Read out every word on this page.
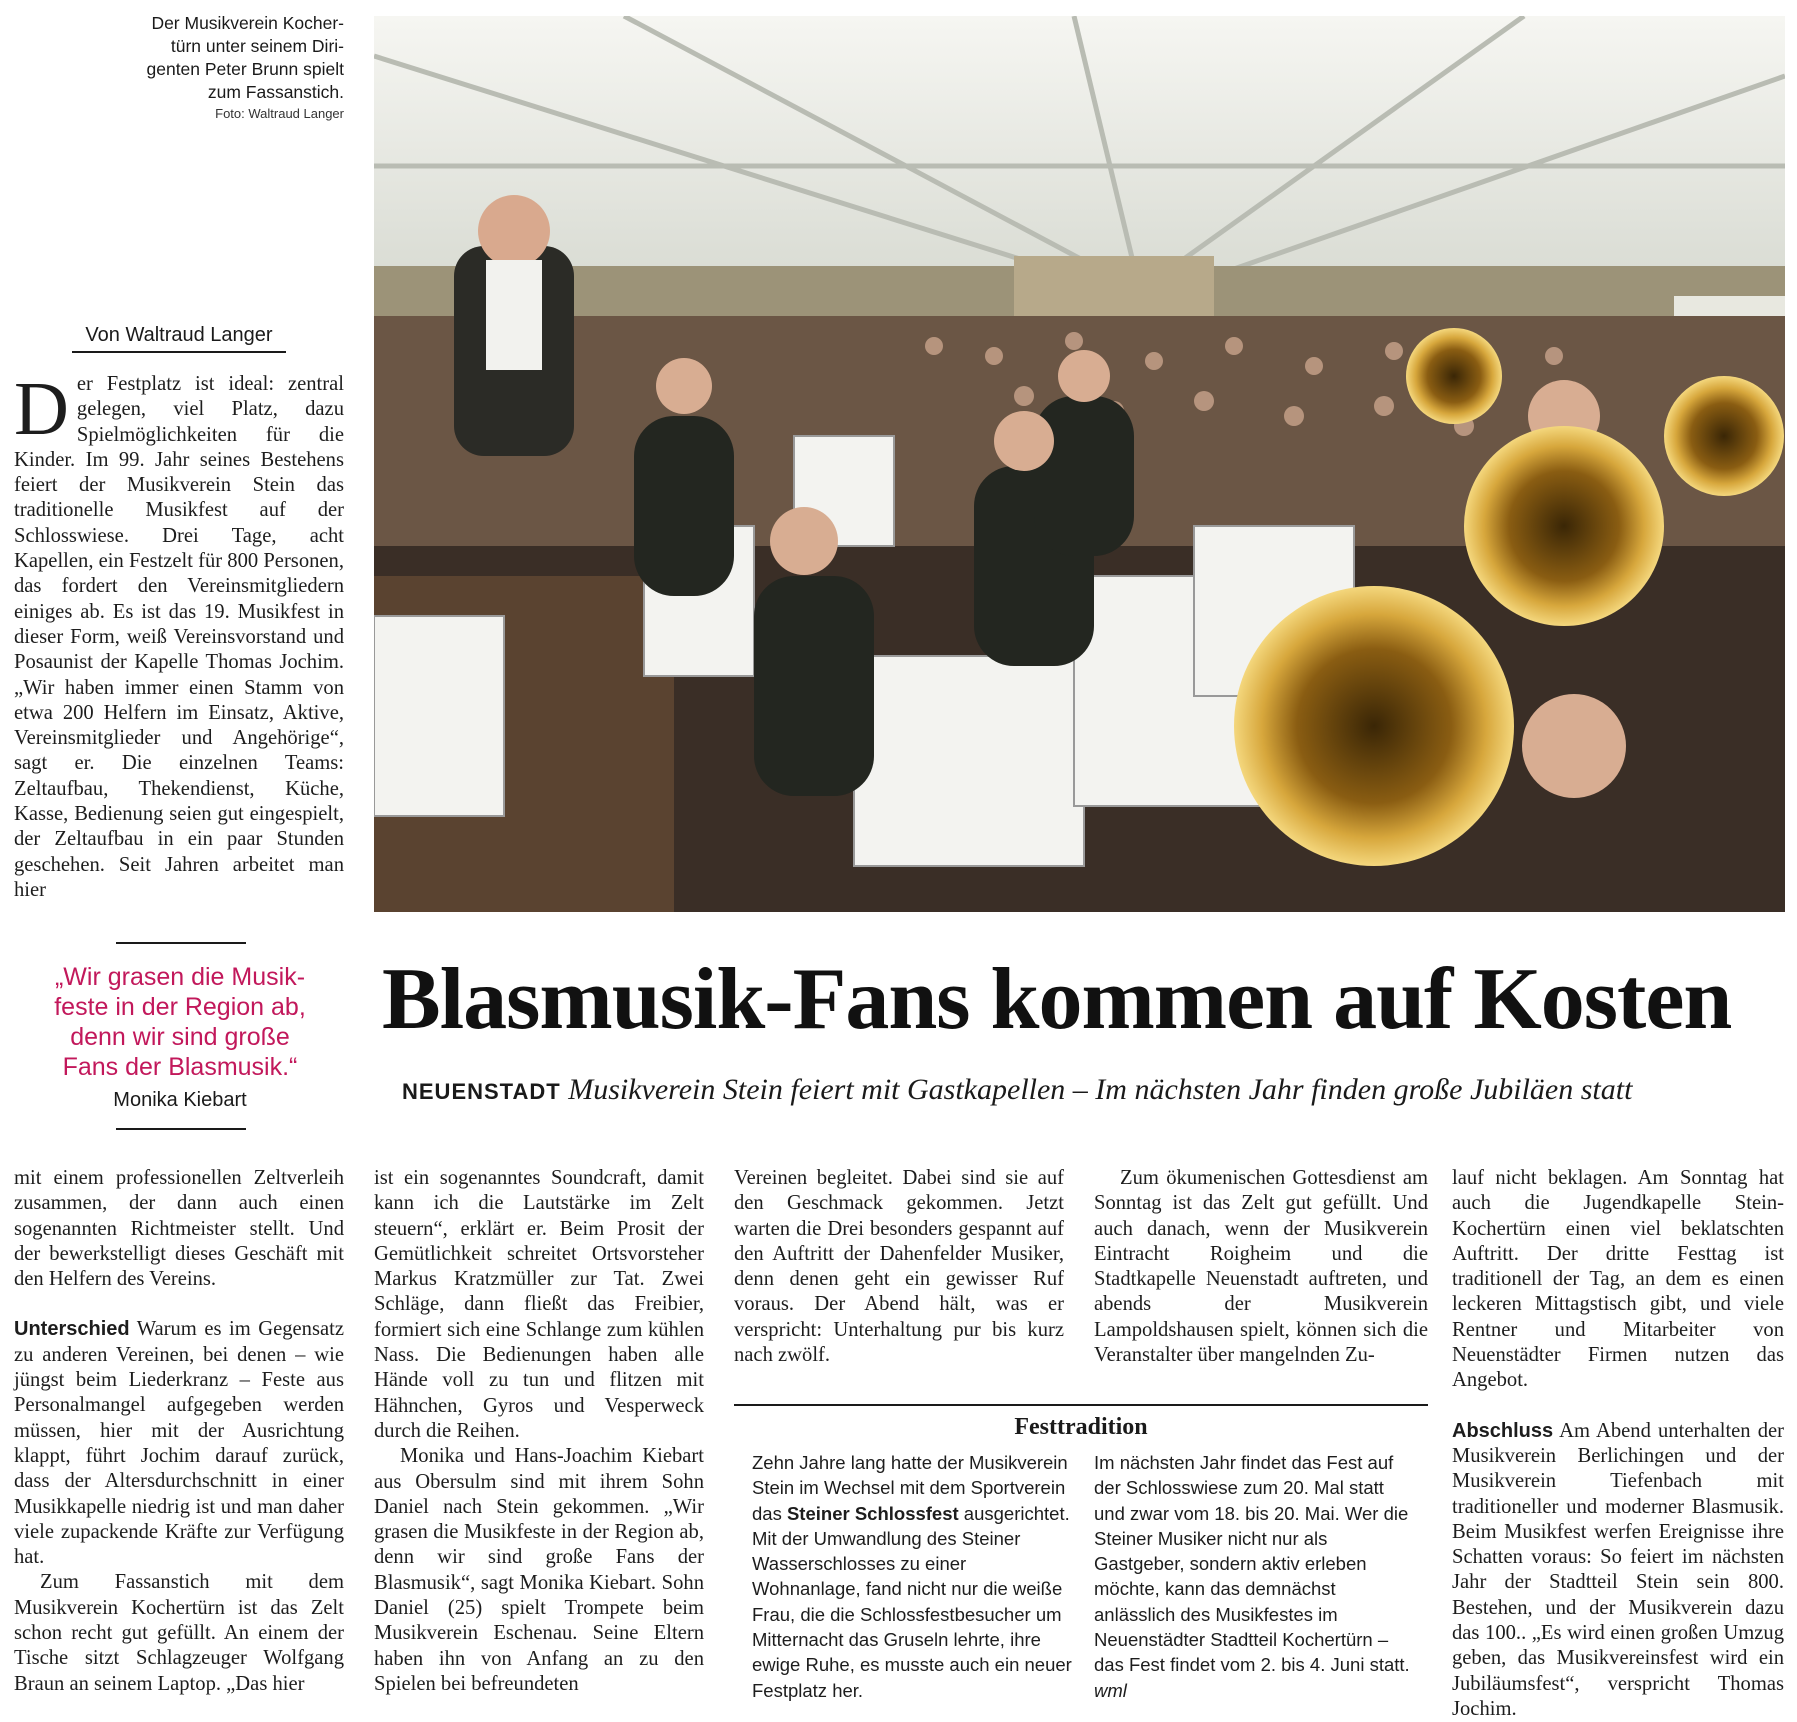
Der Musikverein Kocher-
türn unter seinem Diri-
genten Peter Brunn spielt
zum Fassanstich.
Foto: Waltraud Langer
Von Waltraud Langer

Der Festplatz ist ideal: zentral gelegen, viel Platz, dazu Spielmöglichkeiten für die Kinder. Im 99. Jahr seines Bestehens feiert der Musikverein Stein das traditionelle Musikfest auf der Schlosswiese. Drei Tage, acht Kapellen, ein Festzelt für 800 Personen, das fordert den Vereinsmitgliedern einiges ab. Es ist das 19. Musikfest in dieser Form, weiß Vereinsvorstand und Posaunist der Kapelle Thomas Jochim. „Wir haben immer einen Stamm von etwa 200 Helfern im Einsatz, Aktive, Vereinsmitglieder und Angehörige“, sagt er. Die einzelnen Teams: Zeltaufbau, Thekendienst, Küche, Kasse, Bedienung seien gut eingespielt, der Zeltaufbau in ein paar Stunden geschehen. Seit Jahren arbeitet man hier

„Wir grasen die Musik-
feste in der Region ab,
denn wir sind große
Fans der Blasmusik.“
Monika Kiebart
Blasmusik-Fans kommen auf Kosten
NEUENSTADT Musikverein Stein feiert mit Gastkapellen – Im nächsten Jahr finden große Jubiläen statt

mit einem professionellen Zeltverleih zusammen, der dann auch einen sogenannten Richtmeister stellt. Und der bewerkstelligt dieses Geschäft mit den Helfern des Vereins.

Unterschied Warum es im Gegensatz zu anderen Vereinen, bei denen – wie jüngst beim Liederkranz – Feste aus Personalmangel aufgegeben werden müssen, hier mit der Ausrichtung klappt, führt Jochim darauf zurück, dass der Altersdurchschnitt in einer Musikkapelle niedrig ist und man daher viele zupackende Kräfte zur Verfügung hat.

Zum Fassanstich mit dem Musikverein Kochertürn ist das Zelt schon recht gut gefüllt. An einem der Tische sitzt Schlagzeuger Wolfgang Braun an seinem Laptop. „Das hier

ist ein sogenanntes Soundcraft, damit kann ich die Lautstärke im Zelt steuern“, erklärt er. Beim Prosit der Gemütlichkeit schreitet Ortsvorsteher Markus Kratzmüller zur Tat. Zwei Schläge, dann fließt das Freibier, formiert sich eine Schlange zum kühlen Nass. Die Bedienungen haben alle Hände voll zu tun und flitzen mit Hähnchen, Gyros und Vesperweck durch die Reihen.

Monika und Hans-Joachim Kiebart aus Obersulm sind mit ihrem Sohn Daniel nach Stein gekommen. „Wir grasen die Musikfeste in der Region ab, denn wir sind große Fans der Blasmusik“, sagt Monika Kiebart. Sohn Daniel (25) spielt Trompete beim Musikverein Eschenau. Seine Eltern haben ihn von Anfang an zu den Spielen bei befreundeten

Vereinen begleitet. Dabei sind sie auf den Geschmack gekommen. Jetzt warten die Drei besonders gespannt auf den Auftritt der Dahenfelder Musiker, denn denen geht ein gewisser Ruf voraus. Der Abend hält, was er verspricht: Unterhaltung pur bis kurz nach zwölf.

Zum ökumenischen Gottesdienst am Sonntag ist das Zelt gut gefüllt. Und auch danach, wenn der Musikverein Eintracht Roigheim und die Stadtkapelle Neuenstadt auftreten, und abends der Musikverein Lampoldshausen spielt, können sich die Veranstalter über mangelnden Zu-

lauf nicht beklagen. Am Sonntag hat auch die Jugendkapelle Stein-Kochertürn einen viel beklatschten Auftritt. Der dritte Festtag ist traditionell der Tag, an dem es einen leckeren Mittagstisch gibt, und viele Rentner und Mitarbeiter von Neuenstädter Firmen nutzen das Angebot.

Abschluss Am Abend unterhalten der Musikverein Berlichingen und der Musikverein Tiefenbach mit traditioneller und moderner Blasmusik. Beim Musikfest werfen Ereignisse ihre Schatten voraus: So feiert im nächsten Jahr der Stadtteil Stein sein 800. Bestehen, und der Musikverein dazu das 100.. „Es wird einen großen Umzug geben, das Musikvereinsfest wird ein Jubiläumsfest“, verspricht Thomas Jochim.

Festtradition

Zehn Jahre lang hatte der Musikverein Stein im Wechsel mit dem Sportverein das Steiner Schlossfest ausgerichtet. Mit der Umwandlung des Steiner Wasserschlosses zu einer Wohnanlage, fand nicht nur die weiße Frau, die die Schlossfestbesucher um Mitternacht das Gruseln lehrte, ihre ewige Ruhe, es musste auch ein neuer Festplatz her.

Im nächsten Jahr findet das Fest auf der Schlosswiese zum 20. Mal statt und zwar vom 18. bis 20. Mai. Wer die Steiner Musiker nicht nur als Gastgeber, sondern aktiv erleben möchte, kann das demnächst anlässlich des Musikfestes im Neuenstädter Stadtteil Kochertürn – das Fest findet vom 2. bis 4. Juni statt. wml
